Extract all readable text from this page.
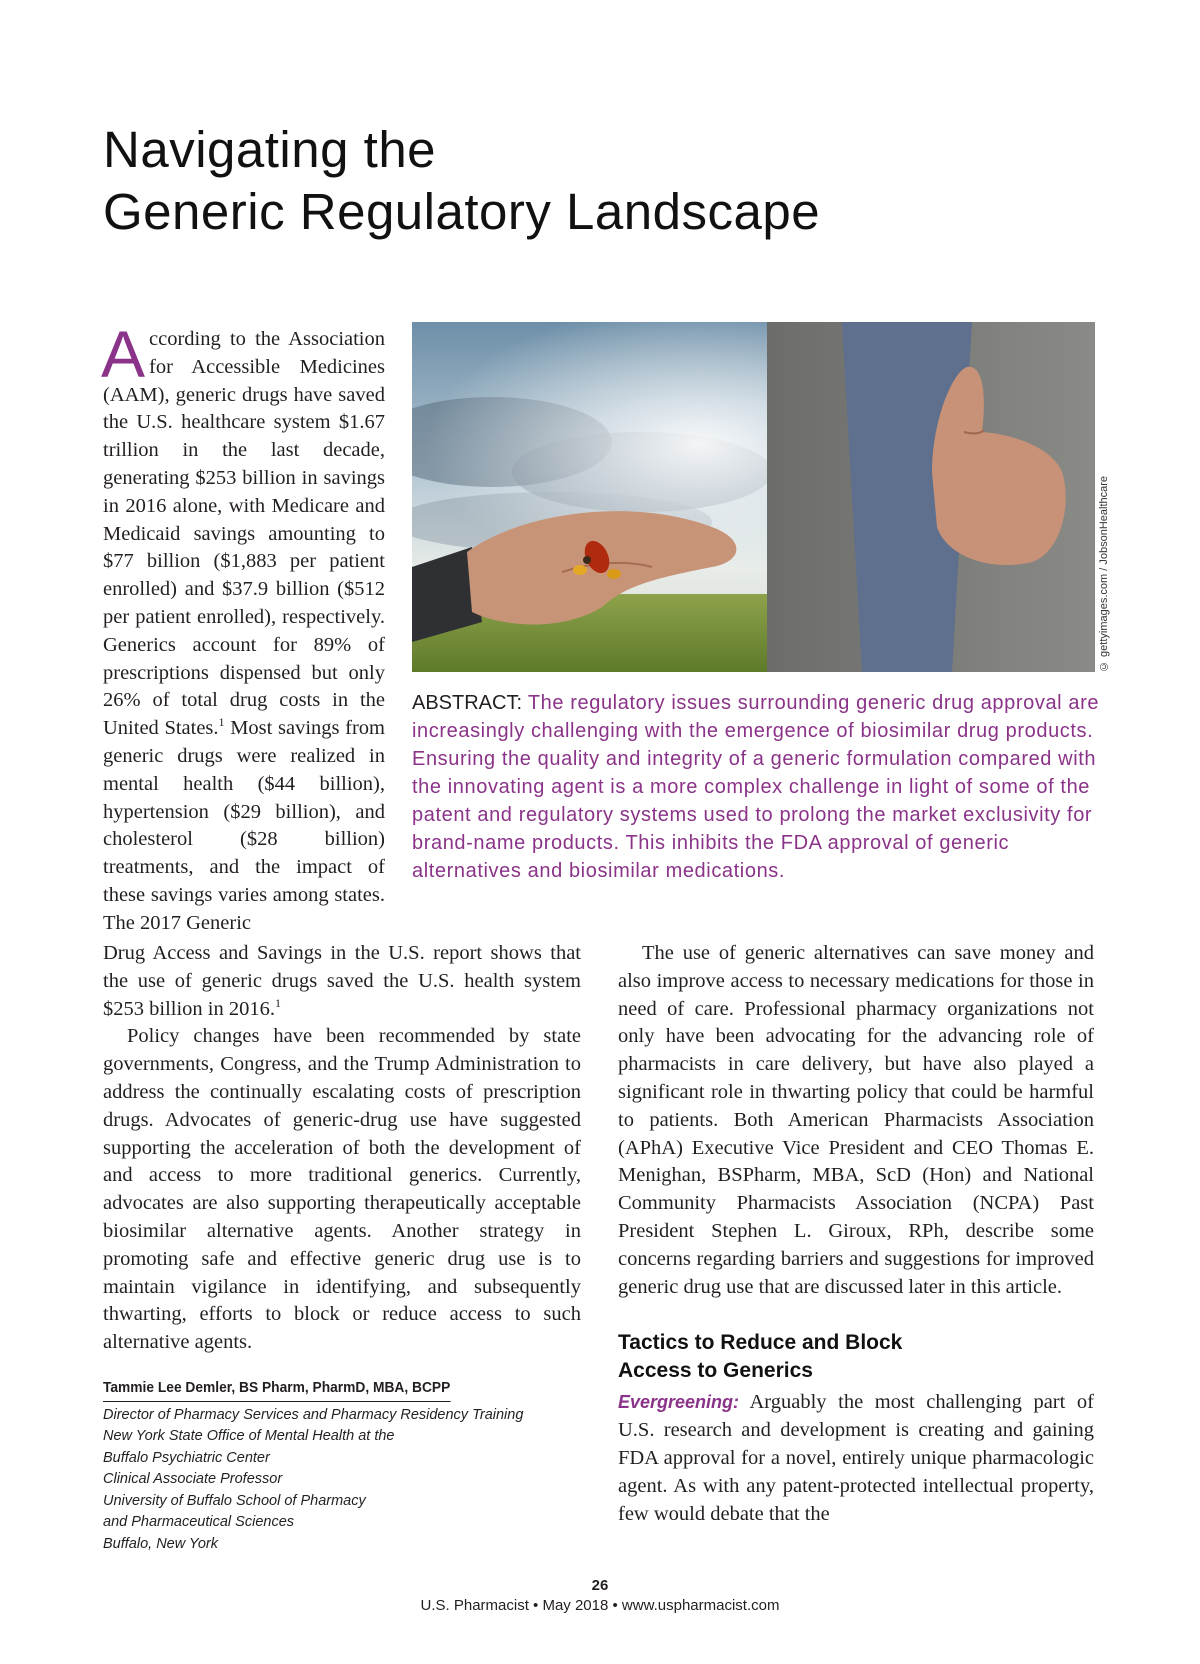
Navigating the
Generic Regulatory Landscape

According to the Association for Accessible Medicines (AAM), generic drugs have saved the U.S. healthcare system $1.67 trillion in the last decade, generating $253 billion in savings in 2016 alone, with Medicare and Medicaid savings amounting to $77 billion ($1,883 per patient enrolled) and $37.9 billion ($512 per patient enrolled), respectively. Generics account for 89% of prescriptions dispensed but only 26% of total drug costs in the United States.$^1$ Most savings from generic drugs were realized in mental health ($44 billion), hypertension ($29 billion), and cholesterol ($28 billion) treatments, and the impact of these savings varies among states. The 2017 Generic

© gettyimages.com / JobsonHealthcare
ABSTRACT: The regulatory issues surrounding generic drug approval are increasingly challenging with the emergence of biosimilar drug products. Ensuring the quality and integrity of a generic formulation compared with the innovating agent is a more complex challenge in light of some of the patent and regulatory systems used to prolong the market exclusivity for brand-name products. This inhibits the FDA approval of generic alternatives and biosimilar medications.

Drug Access and Savings in the U.S. report shows that the use of generic drugs saved the U.S. health system $253 billion in 2016.$^1$

Policy changes have been recommended by state governments, Congress, and the Trump Administration to address the continually escalating costs of prescription drugs. Advocates of generic-drug use have suggested supporting the acceleration of both the development of and access to more traditional generics. Currently, advocates are also supporting therapeutically acceptable biosimilar alternative agents. Another strategy in promoting safe and effective generic drug use is to maintain vigilance in identifying, and subsequently thwarting, efforts to block or reduce access to such alternative agents.

The use of generic alternatives can save money and also improve access to necessary medications for those in need of care. Professional pharmacy organizations not only have been advocating for the advancing role of pharmacists in care delivery, but have also played a significant role in thwarting policy that could be harmful to patients. Both American Pharmacists Association (APhA) Executive Vice President and CEO Thomas E. Menighan, BSPharm, MBA, ScD (Hon) and National Community Pharmacists Association (NCPA) Past President Stephen L. Giroux, RPh, describe some concerns regarding barriers and suggestions for improved generic drug use that are discussed later in this article.

Tactics to Reduce and Block
Access to Generics

Evergreening: Arguably the most challenging part of U.S. research and development is creating and gaining FDA approval for a novel, entirely unique pharmacologic agent. As with any patent-protected intellectual property, few would debate that the

Tammie Lee Demler, BS Pharm, PharmD, MBA, BCPP
Director of Pharmacy Services and Pharmacy Residency Training
New York State Office of Mental Health at the
Buffalo Psychiatric Center
Clinical Associate Professor
University of Buffalo School of Pharmacy
and Pharmaceutical Sciences
Buffalo, New York
26
U.S. Pharmacist • May 2018 • www.uspharmacist.com
